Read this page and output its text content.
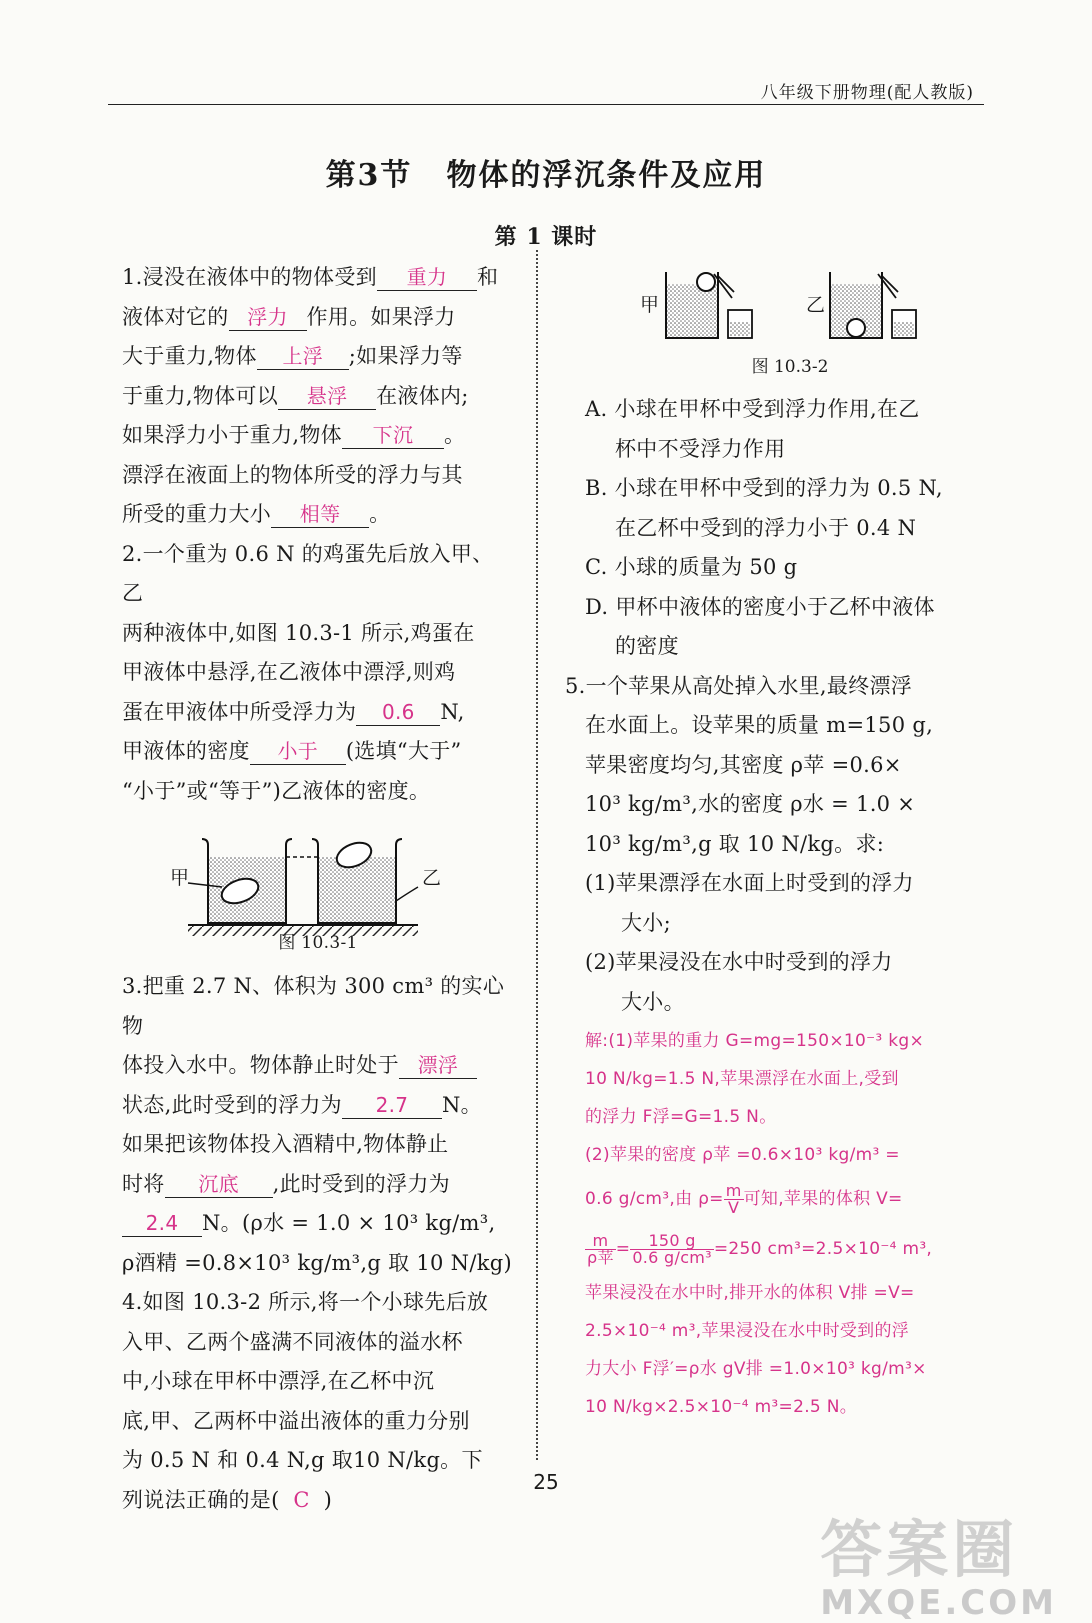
八年级下册物理(配人教版)
第3节 物体的浮沉条件及应用
第 1 课时
1.浸没在液体中的物体受到 重力 和
液体对它的 浮力 作用。如果浮力
大于重力,物体 上浮 ;如果浮力等
于重力,物体可以 悬浮 在液体内;
如果浮力小于重力,物体 下沉 。
漂浮在液面上的物体所受的浮力与其
所受的重力大小 相等 。
2.一个重为 0.6 N 的鸡蛋先后放入甲、乙
两种液体中,如图 10.3-1 所示,鸡蛋在
甲液体中悬浮,在乙液体中漂浮,则鸡
蛋在甲液体中所受浮力为 0.6 N,
甲液体的密度 小于 (选填“大于”
“小于”或“等于”)乙液体的密度。
甲	乙
图 10.3-1
3.把重 2.7 N、体积为 300 cm³ 的实心物
体投入水中。物体静止时处于 漂浮
状态,此时受到的浮力为 2.7 N。
如果把该物体投入酒精中,物体静止
时将 沉底 ,此时受到的浮力为
2.4 N。(ρ水 = 1.0 × 10³ kg/m³,
ρ酒精 =0.8×10³ kg/m³,g 取 10 N/kg)
4.如图 10.3-2 所示,将一个小球先后放
入甲、乙两个盛满不同液体的溢水杯
中,小球在甲杯中漂浮,在乙杯中沉
底,甲、乙两杯中溢出液体的重力分别
为 0.5 N 和 0.4 N,g 取10 N/kg。下
列说法正确的是( C )
甲	乙
图 10.3-2
A. 小球在甲杯中受到浮力作用,在乙
杯中不受浮力作用
B. 小球在甲杯中受到的浮力为 0.5 N,
在乙杯中受到的浮力小于 0.4 N
C. 小球的质量为 50 g
D. 甲杯中液体的密度小于乙杯中液体
的密度
5.一个苹果从高处掉入水里,最终漂浮
在水面上。设苹果的质量 m=150 g,
苹果密度均匀,其密度 ρ苹 =0.6×
10³ kg/m³,水的密度 ρ水 = 1.0 ×
10³ kg/m³,g 取 10 N/kg。求:
(1)苹果漂浮在水面上时受到的浮力
大小;
(2)苹果浸没在水中时受到的浮力
大小。
解:(1)苹果的重力 G=mg=150×10⁻³ kg×
10 N/kg=1.5 N,苹果漂浮在水面上,受到
的浮力 F浮=G=1.5 N。
(2)苹果的密度 ρ苹 =0.6×10³ kg/m³ =
0.6 g/cm³,由 $\rho= \frac{m}{V}$ 可知,苹果的体积 V=
$\frac{m}{\text{ρ苹}} = \frac{150 g}{\text{0.6 g/cm³}} =250$ cm³=2.5×10⁻⁴ m³,
苹果浸没在水中时,排开水的体积 V排 =V=
2.5×10⁻⁴ m³,苹果浸没在水中时受到的浮
力大小 F浮′=ρ水 gV排 =1.0×10³ kg/m³×
10 N/kg×2.5×10⁻⁴ m³=2.5 N。
25
答案圈
MXQE.COM
